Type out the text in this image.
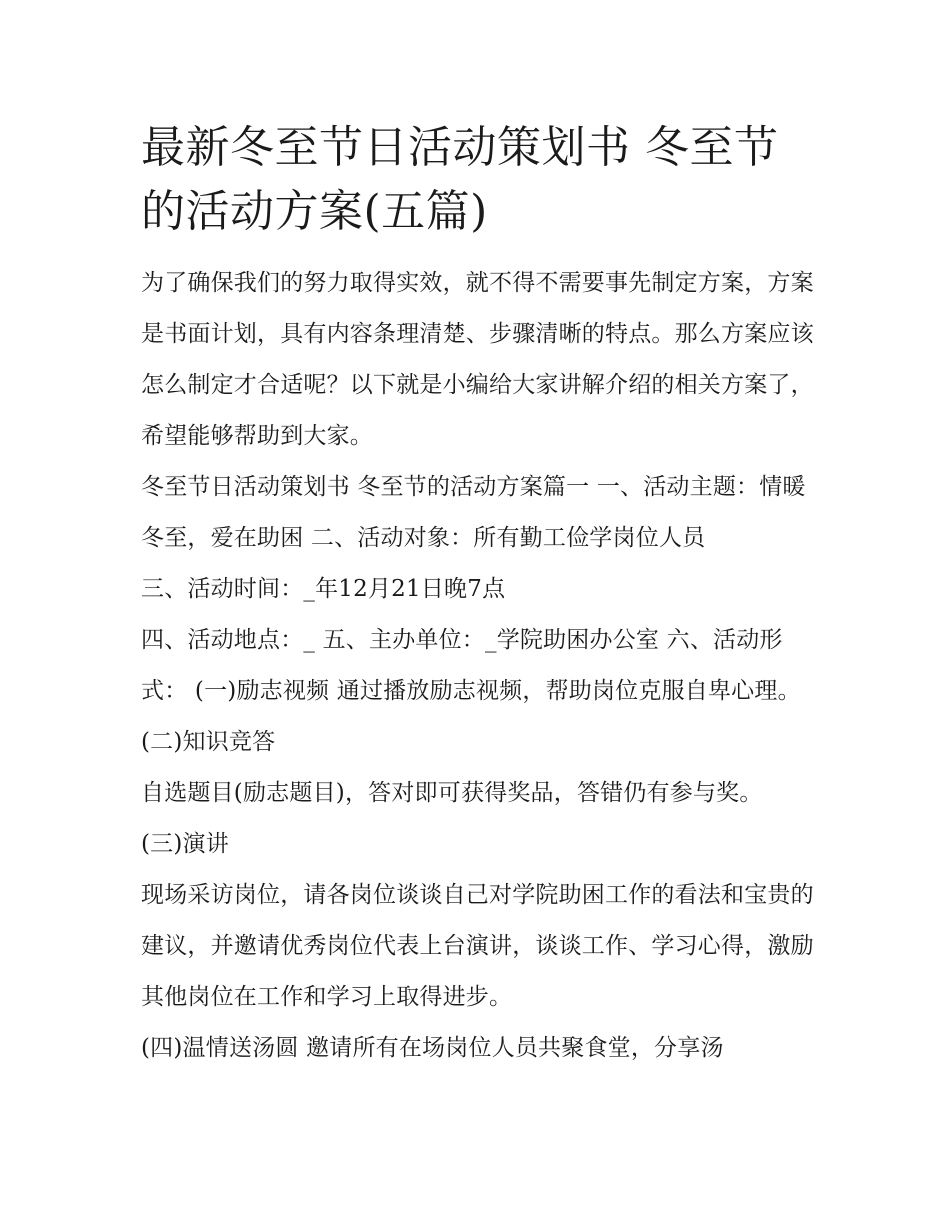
最新冬至节日活动策划书 冬至节的活动方案(五篇)

为了确保我们的努力取得实效，就不得不需要事先制定方案，方案是书面计划，具有内容条理清楚、步骤清晰的特点。那么方案应该怎么制定才合适呢？以下就是小编给大家讲解介绍的相关方案了，希望能够帮助到大家。

冬至节日活动策划书 冬至节的活动方案篇一 一、活动主题：情暖冬至，爱在助困 二、活动对象：所有勤工俭学岗位人员

三、活动时间：_年12月21日晚7点

四、活动地点：_ 五、主办单位：_学院助困办公室 六、活动形式： (一)励志视频 通过播放励志视频，帮助岗位克服自卑心理。 (二)知识竞答

自选题目(励志题目)，答对即可获得奖品，答错仍有参与奖。

(三)演讲

现场采访岗位，请各岗位谈谈自己对学院助困工作的看法和宝贵的建议，并邀请优秀岗位代表上台演讲，谈谈工作、学习心得，激励其他岗位在工作和学习上取得进步。

(四)温情送汤圆 邀请所有在场岗位人员共聚食堂，分享汤
